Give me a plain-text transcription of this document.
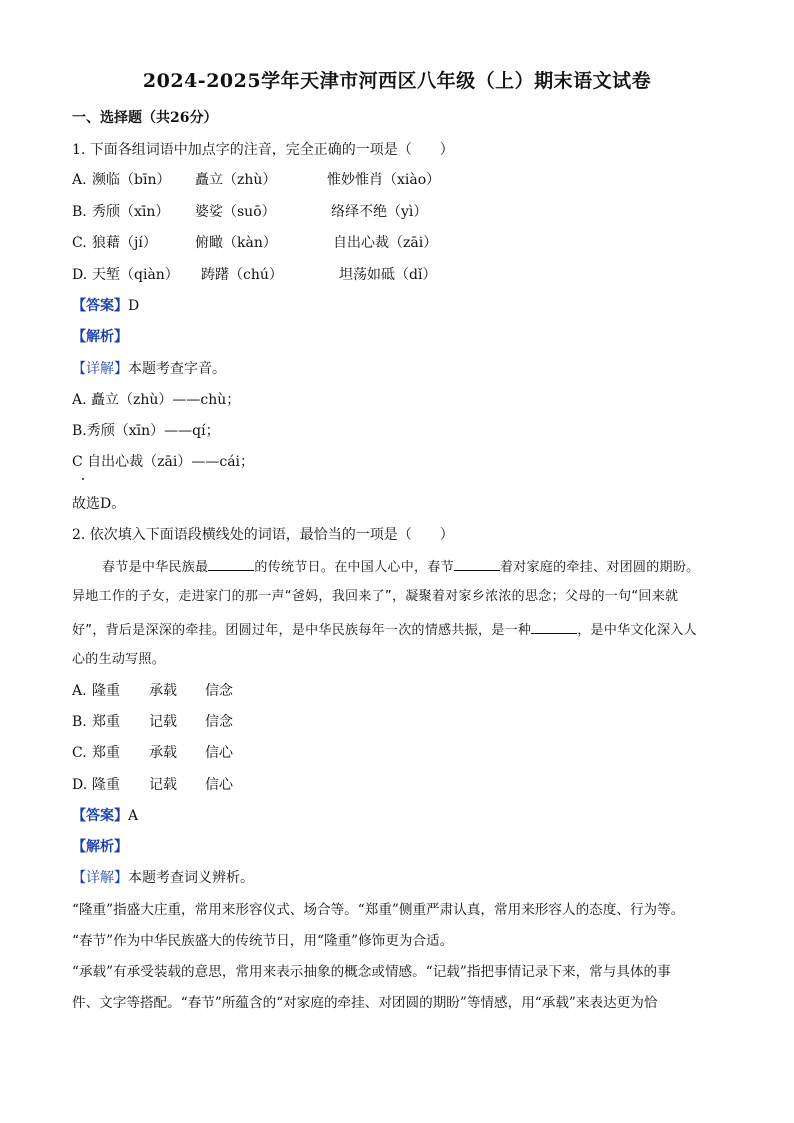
2024-2025学年天津市河西区八年级（上）期末语文试卷
一、选择题（共26分）
1. 下面各组词语中加点字的注音，完全正确的一项是（　　）
A. 濒临（bīn） 矗立（zhù）	惟妙惟肖（xiào）
B. 秀颀（xīn） 婆娑（suō）	络绎不绝（yì）
C. 狼藉（jí）	俯瞰（kàn）	自出心裁（zāi）
D. 天堑（qiàn） 踌躇（chú）	坦荡如砥（dǐ）
【答案】D
【解析】
【详解】本题考查字音。
A. 矗立（zhù）——chù；
B.秀颀（xīn）——qí；
C 自出心裁（zāi）——cái；
故选D。
2. 依次填入下面语段横线处的词语，最恰当的一项是（　　）
春节是中华民族最	的传统节日。在中国人心中，春节	着对家庭的牵挂、对团圆的期盼。
异地工作的子女，走进家门的那一声“爸妈，我回来了”，凝聚着对家乡浓浓的思念；父母的一句“回来就
好”，背后是深深的牵挂。团圆过年，是中华民族每年一次的情感共振，是一种	，是中华文化深入人
心的生动写照。
A. 隆重 承载 信念
B. 郑重 记载 信念
C. 郑重 承载 信心
D. 隆重 记载 信心
【答案】A
【解析】
【详解】本题考查词义辨析。
“隆重”指盛大庄重，常用来形容仪式、场合等。“郑重”侧重严肃认真，常用来形容人的态度、行为等。
“春节”作为中华民族盛大的传统节日，用“隆重”修饰更为合适。
“承载”有承受装载的意思，常用来表示抽象的概念或情感。“记载”指把事情记录下来，常与具体的事
件、文字等搭配。“春节”所蕴含的“对家庭的牵挂、对团圆的期盼”等情感，用“承载”来表达更为恰
